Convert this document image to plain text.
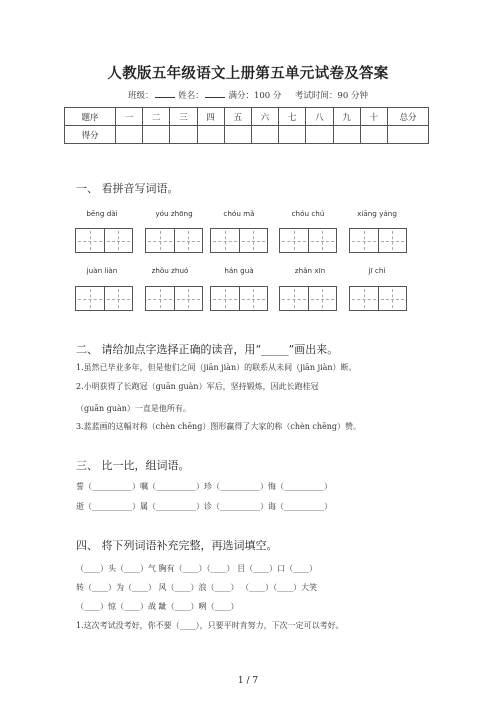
人教版五年级语文上册第五单元试卷及答案
班级：	姓名：	满分：100 分 考试时间：90 分钟
题序	一	二	三	四	五	六	七	八	九	十	总分
得分											
一、 看拼音写词语。
bēng dài	yóu zhōng	chóu mǎ	chóu chú	xiāng yáng
juàn liàn	zhǒu zhuó	hán guà	zhǎn xīn	jī chí
二、 请给加点字选择正确的读音，用“_____”画出来。
1.虽然已毕业多年，但是他们之间（jiān jiàn）的联系从未间（jiān jiàn）断。
2.小明获得了长跑冠（guān guàn）军后，坚持锻炼，因此长跑桂冠
（guān guàn）一直是他所有。
3.蓝蓝画的这幅对称（chèn chēng）图形赢得了大家的称（chèn chēng）赞。
三、 比一比，组词语。
誓（__________）嘱（__________）珍（__________）悔（__________）
逝（__________）属（__________）诊（__________）诲（__________）
四、 将下列词语补充完整，再选词填空。
（____）头（____）气 胸有（____）（____） 目（____）口（____）
转（____）为（____） 风（____）浪（____） （____）（____）大笑
（____）惊（____）战 龇（____）咧（____）
1.这次考试没考好，你不要（____），只要平时肯努力，下次一定可以考好。
1 / 7
